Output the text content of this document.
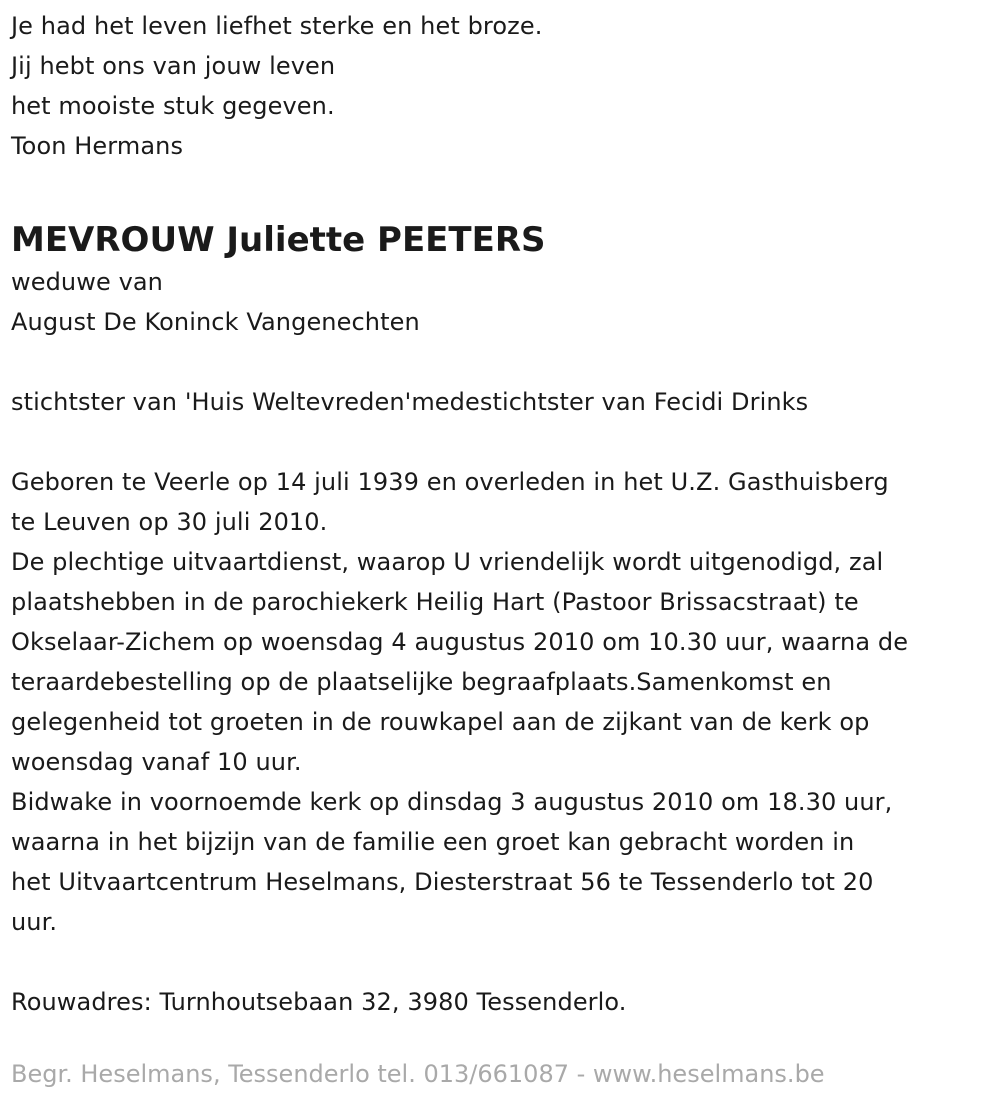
Je had het leven liefhet sterke en het broze.
Jij hebt ons van jouw leven
het mooiste stuk gegeven.
Toon Hermans
MEVROUW Juliette PEETERS
weduwe van
August De Koninck Vangenechten
stichtster van 'Huis Weltevreden'medestichtster van Fecidi Drinks
Geboren te Veerle op 14 juli 1939 en overleden in het U.Z. Gasthuisberg
te Leuven op 30 juli 2010.
De plechtige uitvaartdienst, waarop U vriendelijk wordt uitgenodigd, zal
plaatshebben in de parochiekerk Heilig Hart (Pastoor Brissacstraat) te
Okselaar-Zichem op woensdag 4 augustus 2010 om 10.30 uur, waarna de
teraardebestelling op de plaatselijke begraafplaats.Samenkomst en
gelegenheid tot groeten in de rouwkapel aan de zijkant van de kerk op
woensdag vanaf 10 uur.
Bidwake in voornoemde kerk op dinsdag 3 augustus 2010 om 18.30 uur,
waarna in het bijzijn van de familie een groet kan gebracht worden in
het Uitvaartcentrum Heselmans, Diesterstraat 56 te Tessenderlo tot 20
uur.
Rouwadres: Turnhoutsebaan 32, 3980 Tessenderlo.
Begr. Heselmans, Tessenderlo tel. 013/661087 - www.heselmans.be
